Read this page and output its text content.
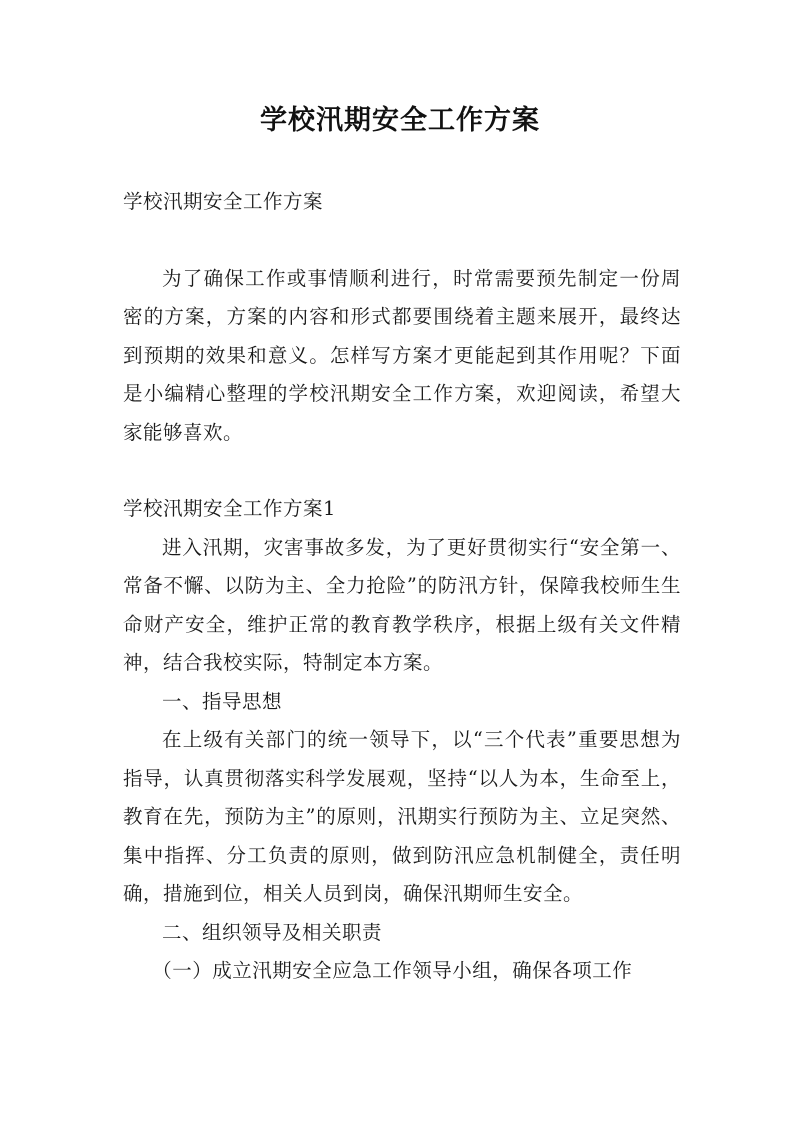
学校汛期安全工作方案

学校汛期安全工作方案

为了确保工作或事情顺利进行，时常需要预先制定一份周密的方案，方案的内容和形式都要围绕着主题来展开，最终达到预期的效果和意义。怎样写方案才更能起到其作用呢？下面是小编精心整理的学校汛期安全工作方案，欢迎阅读，希望大家能够喜欢。

学校汛期安全工作方案1

进入汛期，灾害事故多发，为了更好贯彻实行“安全第一、常备不懈、以防为主、全力抢险”的防汛方针，保障我校师生生命财产安全，维护正常的教育教学秩序，根据上级有关文件精神，结合我校实际，特制定本方案。

一、指导思想

在上级有关部门的统一领导下，以“三个代表”重要思想为指导，认真贯彻落实科学发展观，坚持“以人为本，生命至上，教育在先，预防为主”的原则，汛期实行预防为主、立足突然、集中指挥、分工负责的原则，做到防汛应急机制健全，责任明确，措施到位，相关人员到岗，确保汛期师生安全。

二、组织领导及相关职责

（一）成立汛期安全应急工作领导小组，确保各项工作
